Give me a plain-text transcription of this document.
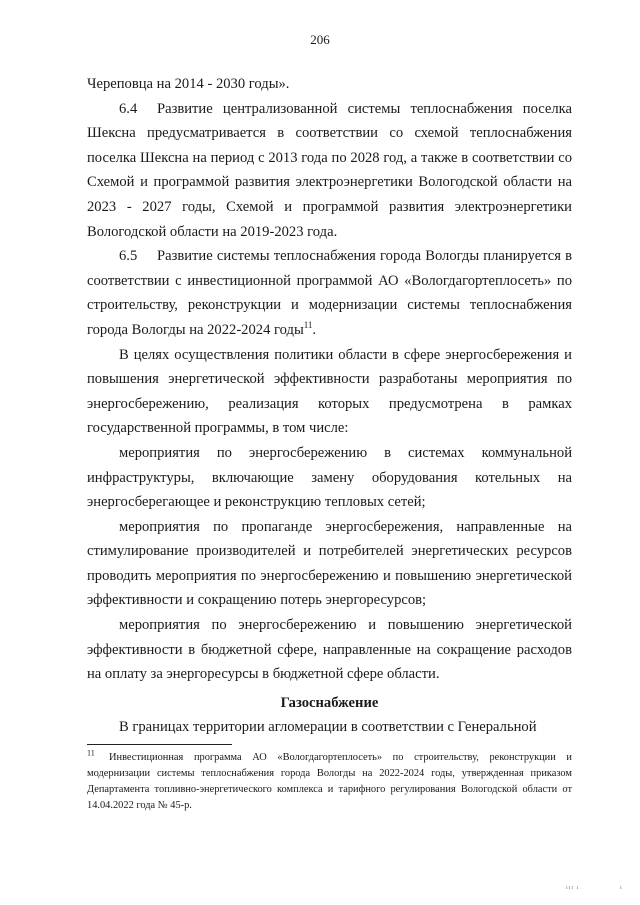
206

Череповца на 2014 - 2030 годы».

6.4 Развитие централизованной системы теплоснабжения поселка Шексна предусматривается в соответствии со схемой теплоснабжения поселка Шексна на период с 2013 года по 2028 год, а также в соответствии со Схемой и программой развития электроэнергетики Вологодской области на 2023 - 2027 годы, Схемой и программой развития электроэнергетики Вологодской области на 2019-2023 года.

6.5 Развитие системы теплоснабжения города Вологды планируется в соответствии с инвестиционной программой АО «Вологдагортеплосеть» по строительству, реконструкции и модернизации системы теплоснабжения города Вологды на 2022-2024 годы$^{11}$.

В целях осуществления политики области в сфере энергосбережения и повышения энергетической эффективности разработаны мероприятия по энергосбережению, реализация которых предусмотрена в рамках государственной программы, в том числе:

мероприятия по энергосбережению в системах коммунальной инфраструктуры, включающие замену оборудования котельных на энергосберегающее и реконструкцию тепловых сетей;

мероприятия по пропаганде энергосбережения, направленные на стимулирование производителей и потребителей энергетических ресурсов проводить мероприятия по энергосбережению и повышению энергетической эффективности и сокращению потерь энергоресурсов;

мероприятия по энергосбережению и повышению энергетической эффективности в бюджетной сфере, направленные на сокращение расходов на оплату за энергоресурсы в бюджетной сфере области.

Газоснабжение

В границах территории агломерации в соответствии с Генеральной

$^{11}$ Инвестиционная программа АО «Вологдагортеплосеть» по строительству, реконструкции и модернизации системы теплоснабжения города Вологды на 2022-2024 годы, утвержденная приказом Департамента топливно-энергетического комплекса и тарифного регулирования Вологодской области от 14.04.2022 года № 45-р.
ııı ı	ı
